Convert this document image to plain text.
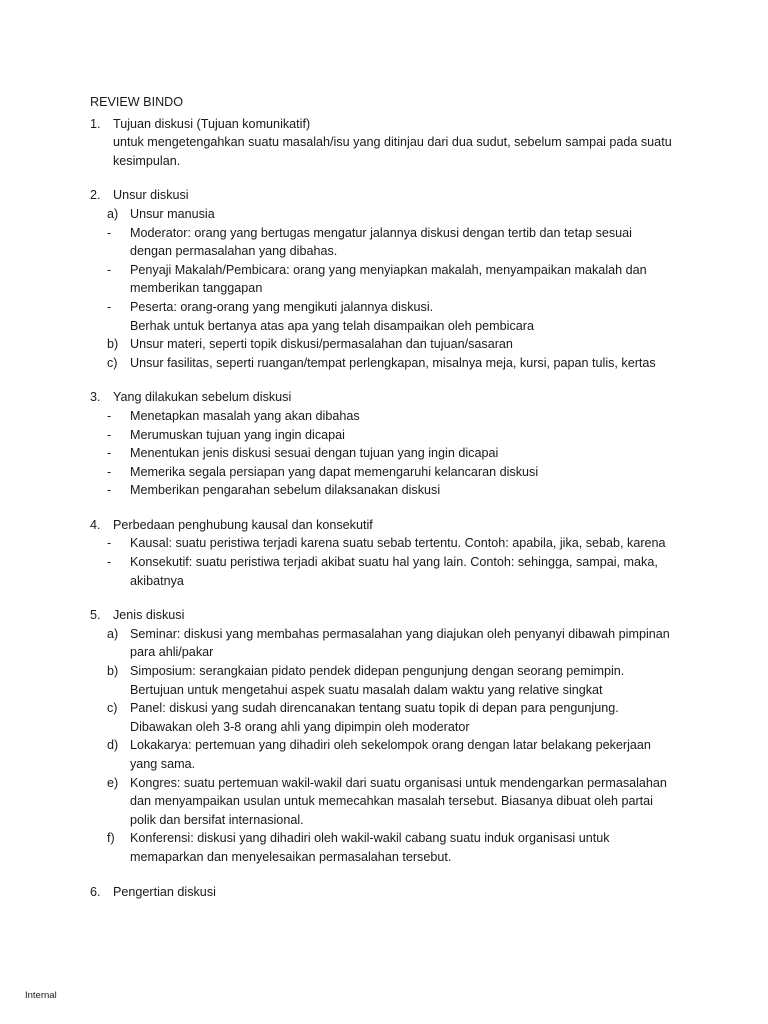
REVIEW BINDO
1. Tujuan diskusi (Tujuan komunikatif)
untuk mengetengahkan suatu masalah/isu yang ditinjau dari dua sudut, sebelum sampai pada suatu
kesimpulan.
2. Unsur diskusi
a) Unsur manusia
- Moderator: orang yang bertugas mengatur jalannya diskusi dengan tertib dan tetap sesuai
dengan permasalahan yang dibahas.
- Penyaji Makalah/Pembicara: orang yang menyiapkan makalah, menyampaikan makalah dan
memberikan tanggapan
- Peserta: orang-orang yang mengikuti jalannya diskusi.
Berhak untuk bertanya atas apa yang telah disampaikan oleh pembicara
b) Unsur materi, seperti topik diskusi/permasalahan dan tujuan/sasaran
c) Unsur fasilitas, seperti ruangan/tempat perlengkapan, misalnya meja, kursi, papan tulis, kertas
3. Yang dilakukan sebelum diskusi
- Menetapkan masalah yang akan dibahas
- Merumuskan tujuan yang ingin dicapai
- Menentukan jenis diskusi sesuai dengan tujuan yang ingin dicapai
- Memerika segala persiapan yang dapat memengaruhi kelancaran diskusi
- Memberikan pengarahan sebelum dilaksanakan diskusi
4. Perbedaan penghubung kausal dan konsekutif
- Kausal: suatu peristiwa terjadi karena suatu sebab tertentu. Contoh: apabila, jika, sebab, karena
- Konsekutif: suatu peristiwa terjadi akibat suatu hal yang lain. Contoh: sehingga, sampai, maka,
akibatnya
5. Jenis diskusi
a) Seminar: diskusi yang membahas permasalahan yang diajukan oleh penyanyi dibawah pimpinan
para ahli/pakar
b) Simposium: serangkaian pidato pendek didepan pengunjung dengan seorang pemimpin.
Bertujuan untuk mengetahui aspek suatu masalah dalam waktu yang relative singkat
c) Panel: diskusi yang sudah direncanakan tentang suatu topik di depan para pengunjung.
Dibawakan oleh 3-8 orang ahli yang dipimpin oleh moderator
d) Lokakarya: pertemuan yang dihadiri oleh sekelompok orang dengan latar belakang pekerjaan
yang sama.
e) Kongres: suatu pertemuan wakil-wakil dari suatu organisasi untuk mendengarkan permasalahan
dan menyampaikan usulan untuk memecahkan masalah tersebut. Biasanya dibuat oleh partai
polik dan bersifat internasional.
f) Konferensi: diskusi yang dihadiri oleh wakil-wakil cabang suatu induk organisasi untuk
memaparkan dan menyelesaikan permasalahan tersebut.
6. Pengertian diskusi
Internal
